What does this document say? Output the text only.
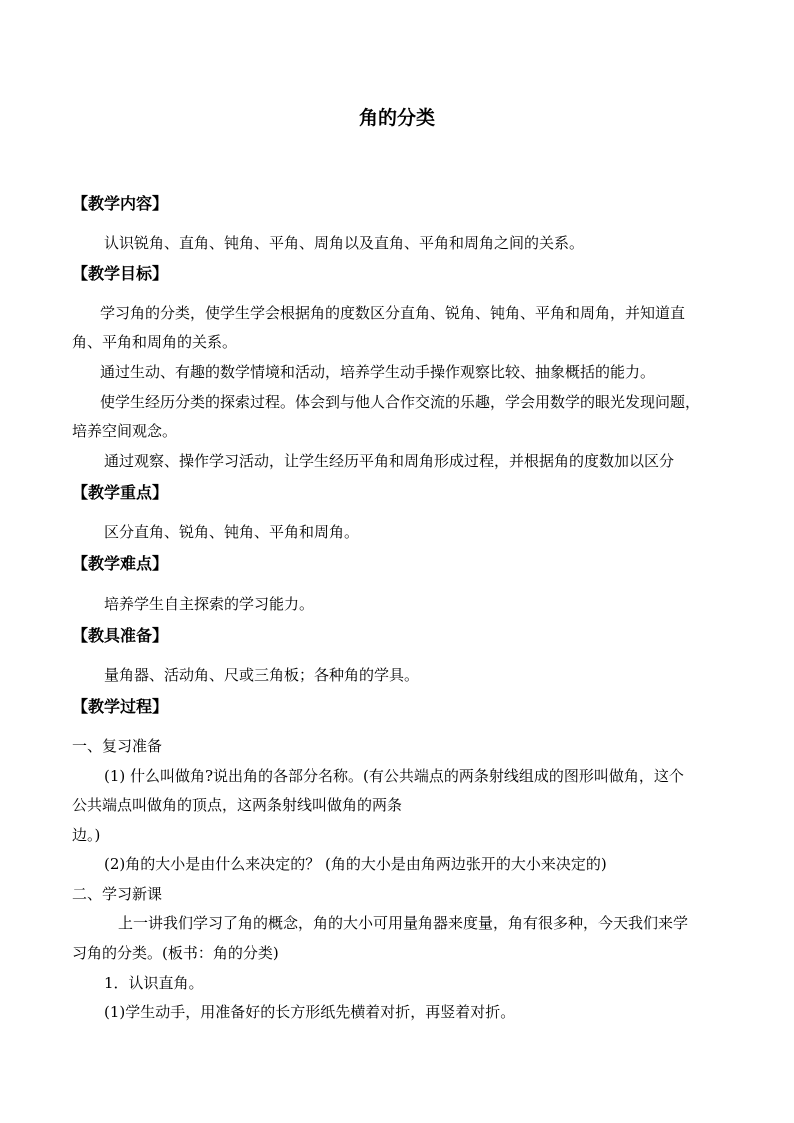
角的分类
【教学内容】
认识锐角、直角、钝角、平角、周角以及直角、平角和周角之间的关系。
【教学目标】
学习角的分类，使学生学会根据角的度数区分直角、锐角、钝角、平角和周角，并知道直
角、平角和周角的关系。
通过生动、有趣的数学情境和活动，培养学生动手操作观察比较、抽象概括的能力。
使学生经历分类的探索过程。体会到与他人合作交流的乐趣，学会用数学的眼光发现问题，
培养空间观念。
通过观察、操作学习活动，让学生经历平角和周角形成过程，并根据角的度数加以区分
【教学重点】
区分直角、锐角、钝角、平角和周角。
【教学难点】
培养学生自主探索的学习能力。
【教具准备】
量角器、活动角、尺或三角板；各种角的学具。
【教学过程】
一、复习准备
(1) 什么叫做角?说出角的各部分名称。(有公共端点的两条射线组成的图形叫做角，这个
公共端点叫做角的顶点，这两条射线叫做角的两条
边。)
(2)角的大小是由什么来决定的？ (角的大小是由角两边张开的大小来决定的)
二、学习新课
上一讲我们学习了角的概念，角的大小可用量角器来度量，角有很多种，今天我们来学
习角的分类。(板书：角的分类)
1．认识直角。
(1)学生动手，用准备好的长方形纸先横着对折，再竖着对折。
